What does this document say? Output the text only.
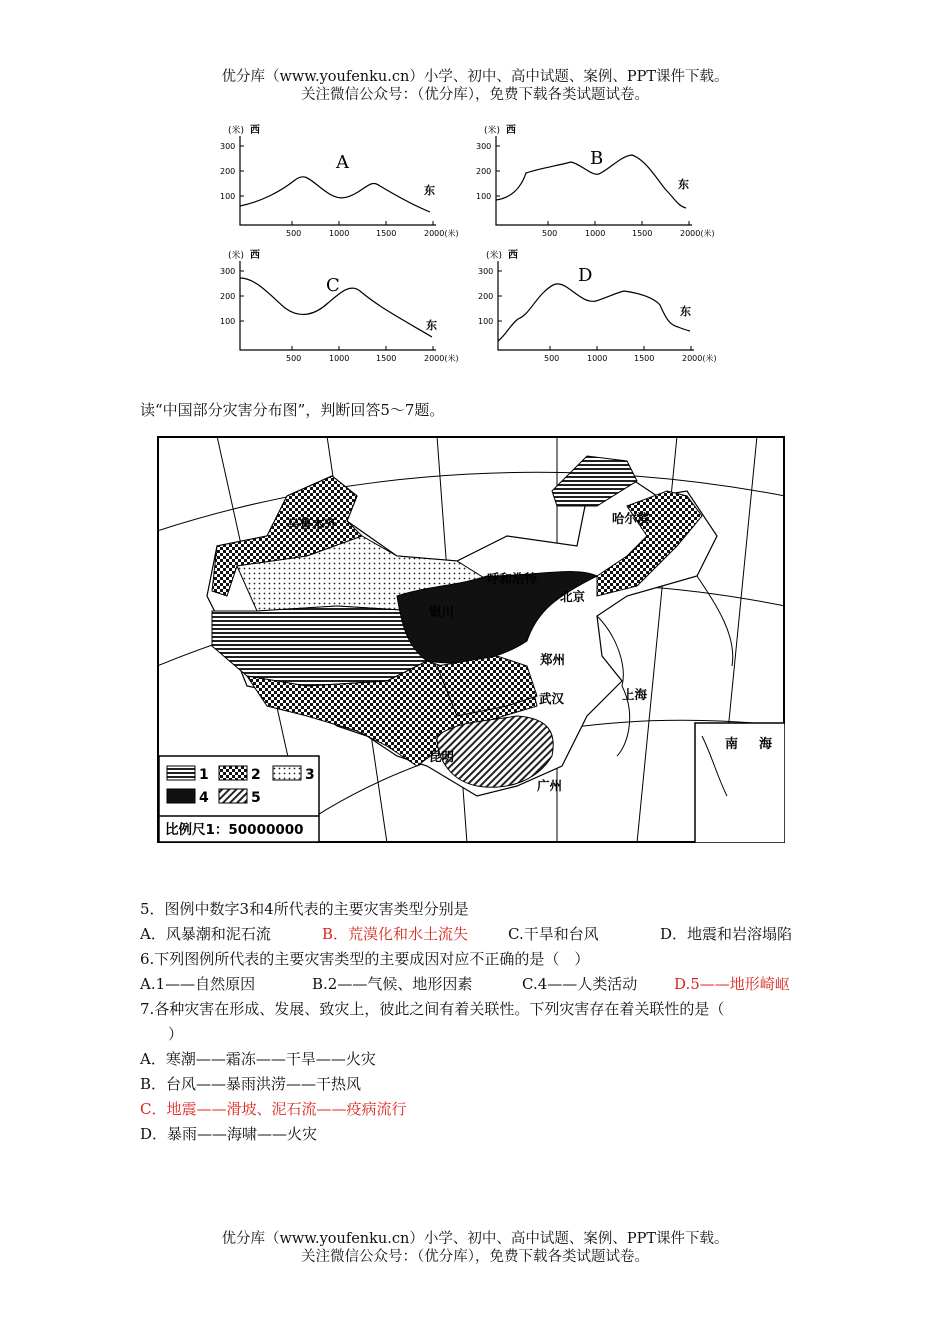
优分库（www.youfenku.cn）小学、初中、高中试题、案例、PPT课件下载。
关注微信公众号：（优分库），免费下载各类试题试卷。
(米) 西
300
200
100
500	1000	1500	2000(米)
A
东
(米) 西
300
200
100
500	1000	1500	2000(米)
B
东
(米) 西
300
200
100
500	1000	1500	2000(米)
C
东
(米) 西
300
200
100
500	1000	1500	2000(米)
D
东
读“中国部分灾害分布图”，判断回答5～7题。
乌鲁木齐	哈尔滨
呼和浩特
银川
北京
郑州
武汉	上海
昆明
广州
南 海
1	2	3
4	5
比例尺1：50000000
5．图例中数字3和4所代表的主要灾害类型分别是
A．风暴潮和泥石流	B．荒漠化和水土流失	C.干旱和台风	D．地震和岩溶塌陷
6.下列图例所代表的主要灾害类型的主要成因对应不正确的是（　）
A.1——自然原因	B.2——气候、地形因素	C.4——人类活动 D.5——地形崎岖
7.各种灾害在形成、发展、致灾上，彼此之间有着关联性。下列灾害存在着关联性的是（
）
A．寒潮——霜冻——干旱——火灾
B．台风——暴雨洪涝——干热风
C．地震——滑坡、泥石流——疫病流行
D．暴雨——海啸——火灾
优分库（www.youfenku.cn）小学、初中、高中试题、案例、PPT课件下载。
关注微信公众号：（优分库），免费下载各类试题试卷。
